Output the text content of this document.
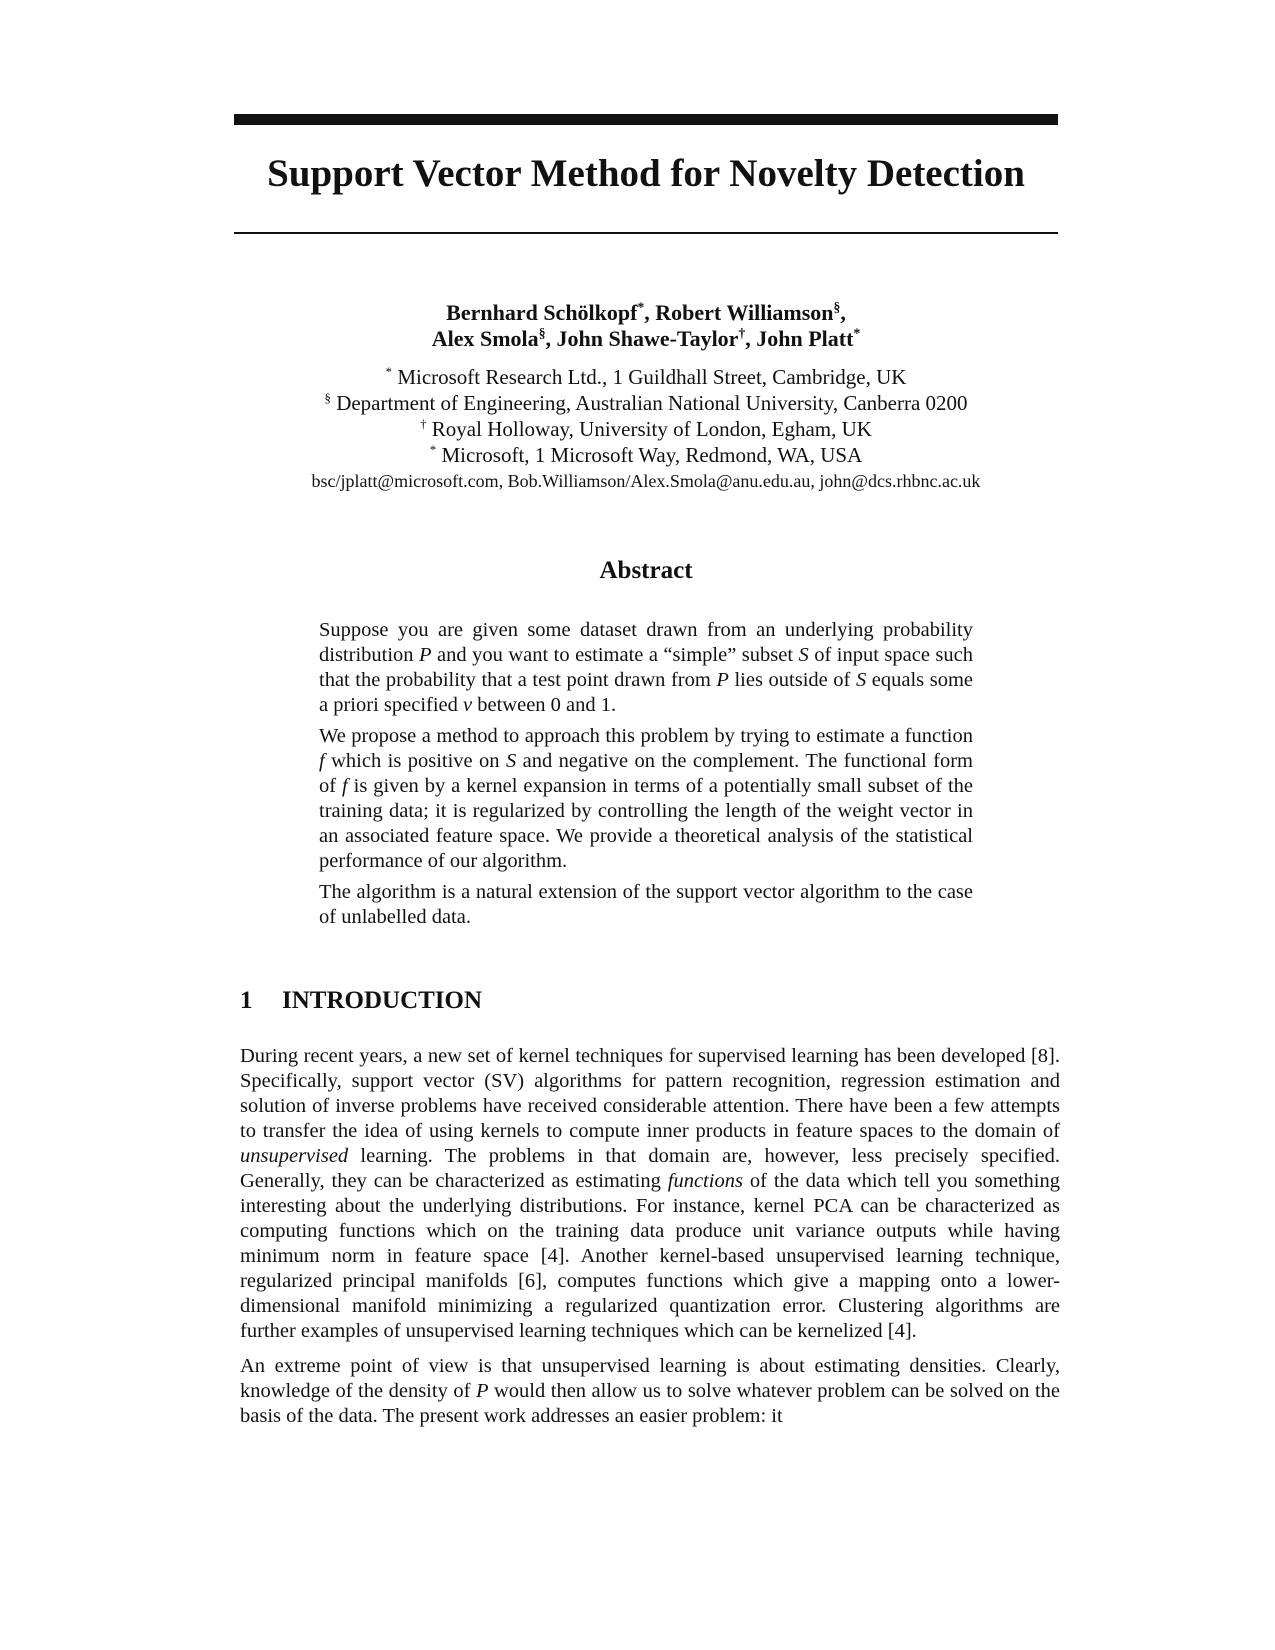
Support Vector Method for Novelty Detection
Bernhard Schölkopf*, Robert Williamson§,
Alex Smola§, John Shawe-Taylor†, John Platt*
* Microsoft Research Ltd., 1 Guildhall Street, Cambridge, UK
§ Department of Engineering, Australian National University, Canberra 0200
† Royal Holloway, University of London, Egham, UK
* Microsoft, 1 Microsoft Way, Redmond, WA, USA
bsc/jplatt@microsoft.com, Bob.Williamson/Alex.Smola@anu.edu.au, john@dcs.rhbnc.ac.uk
Abstract

Suppose you are given some dataset drawn from an underlying probability distribution P and you want to estimate a “simple” subset S of input space such that the probability that a test point drawn from P lies outside of S equals some a priori specified ν between 0 and 1.

We propose a method to approach this problem by trying to estimate a function f which is positive on S and negative on the complement. The functional form of f is given by a kernel expansion in terms of a potentially small subset of the training data; it is regularized by controlling the length of the weight vector in an associated feature space. We provide a theoretical analysis of the statistical performance of our algorithm.

The algorithm is a natural extension of the support vector algorithm to the case of unlabelled data.

1 INTRODUCTION

During recent years, a new set of kernel techniques for supervised learning has been developed [8]. Specifically, support vector (SV) algorithms for pattern recognition, regression estimation and solution of inverse problems have received considerable attention. There have been a few attempts to transfer the idea of using kernels to compute inner products in feature spaces to the domain of unsupervised learning. The problems in that domain are, however, less precisely specified. Generally, they can be characterized as estimating functions of the data which tell you something interesting about the underlying distributions. For instance, kernel PCA can be characterized as computing functions which on the training data produce unit variance outputs while having minimum norm in feature space [4]. Another kernel-based unsupervised learning technique, regularized principal manifolds [6], computes functions which give a mapping onto a lower-dimensional manifold minimizing a regularized quantization error. Clustering algorithms are further examples of unsupervised learning techniques which can be kernelized [4].

An extreme point of view is that unsupervised learning is about estimating densities. Clearly, knowledge of the density of P would then allow us to solve whatever problem can be solved on the basis of the data. The present work addresses an easier problem: it
